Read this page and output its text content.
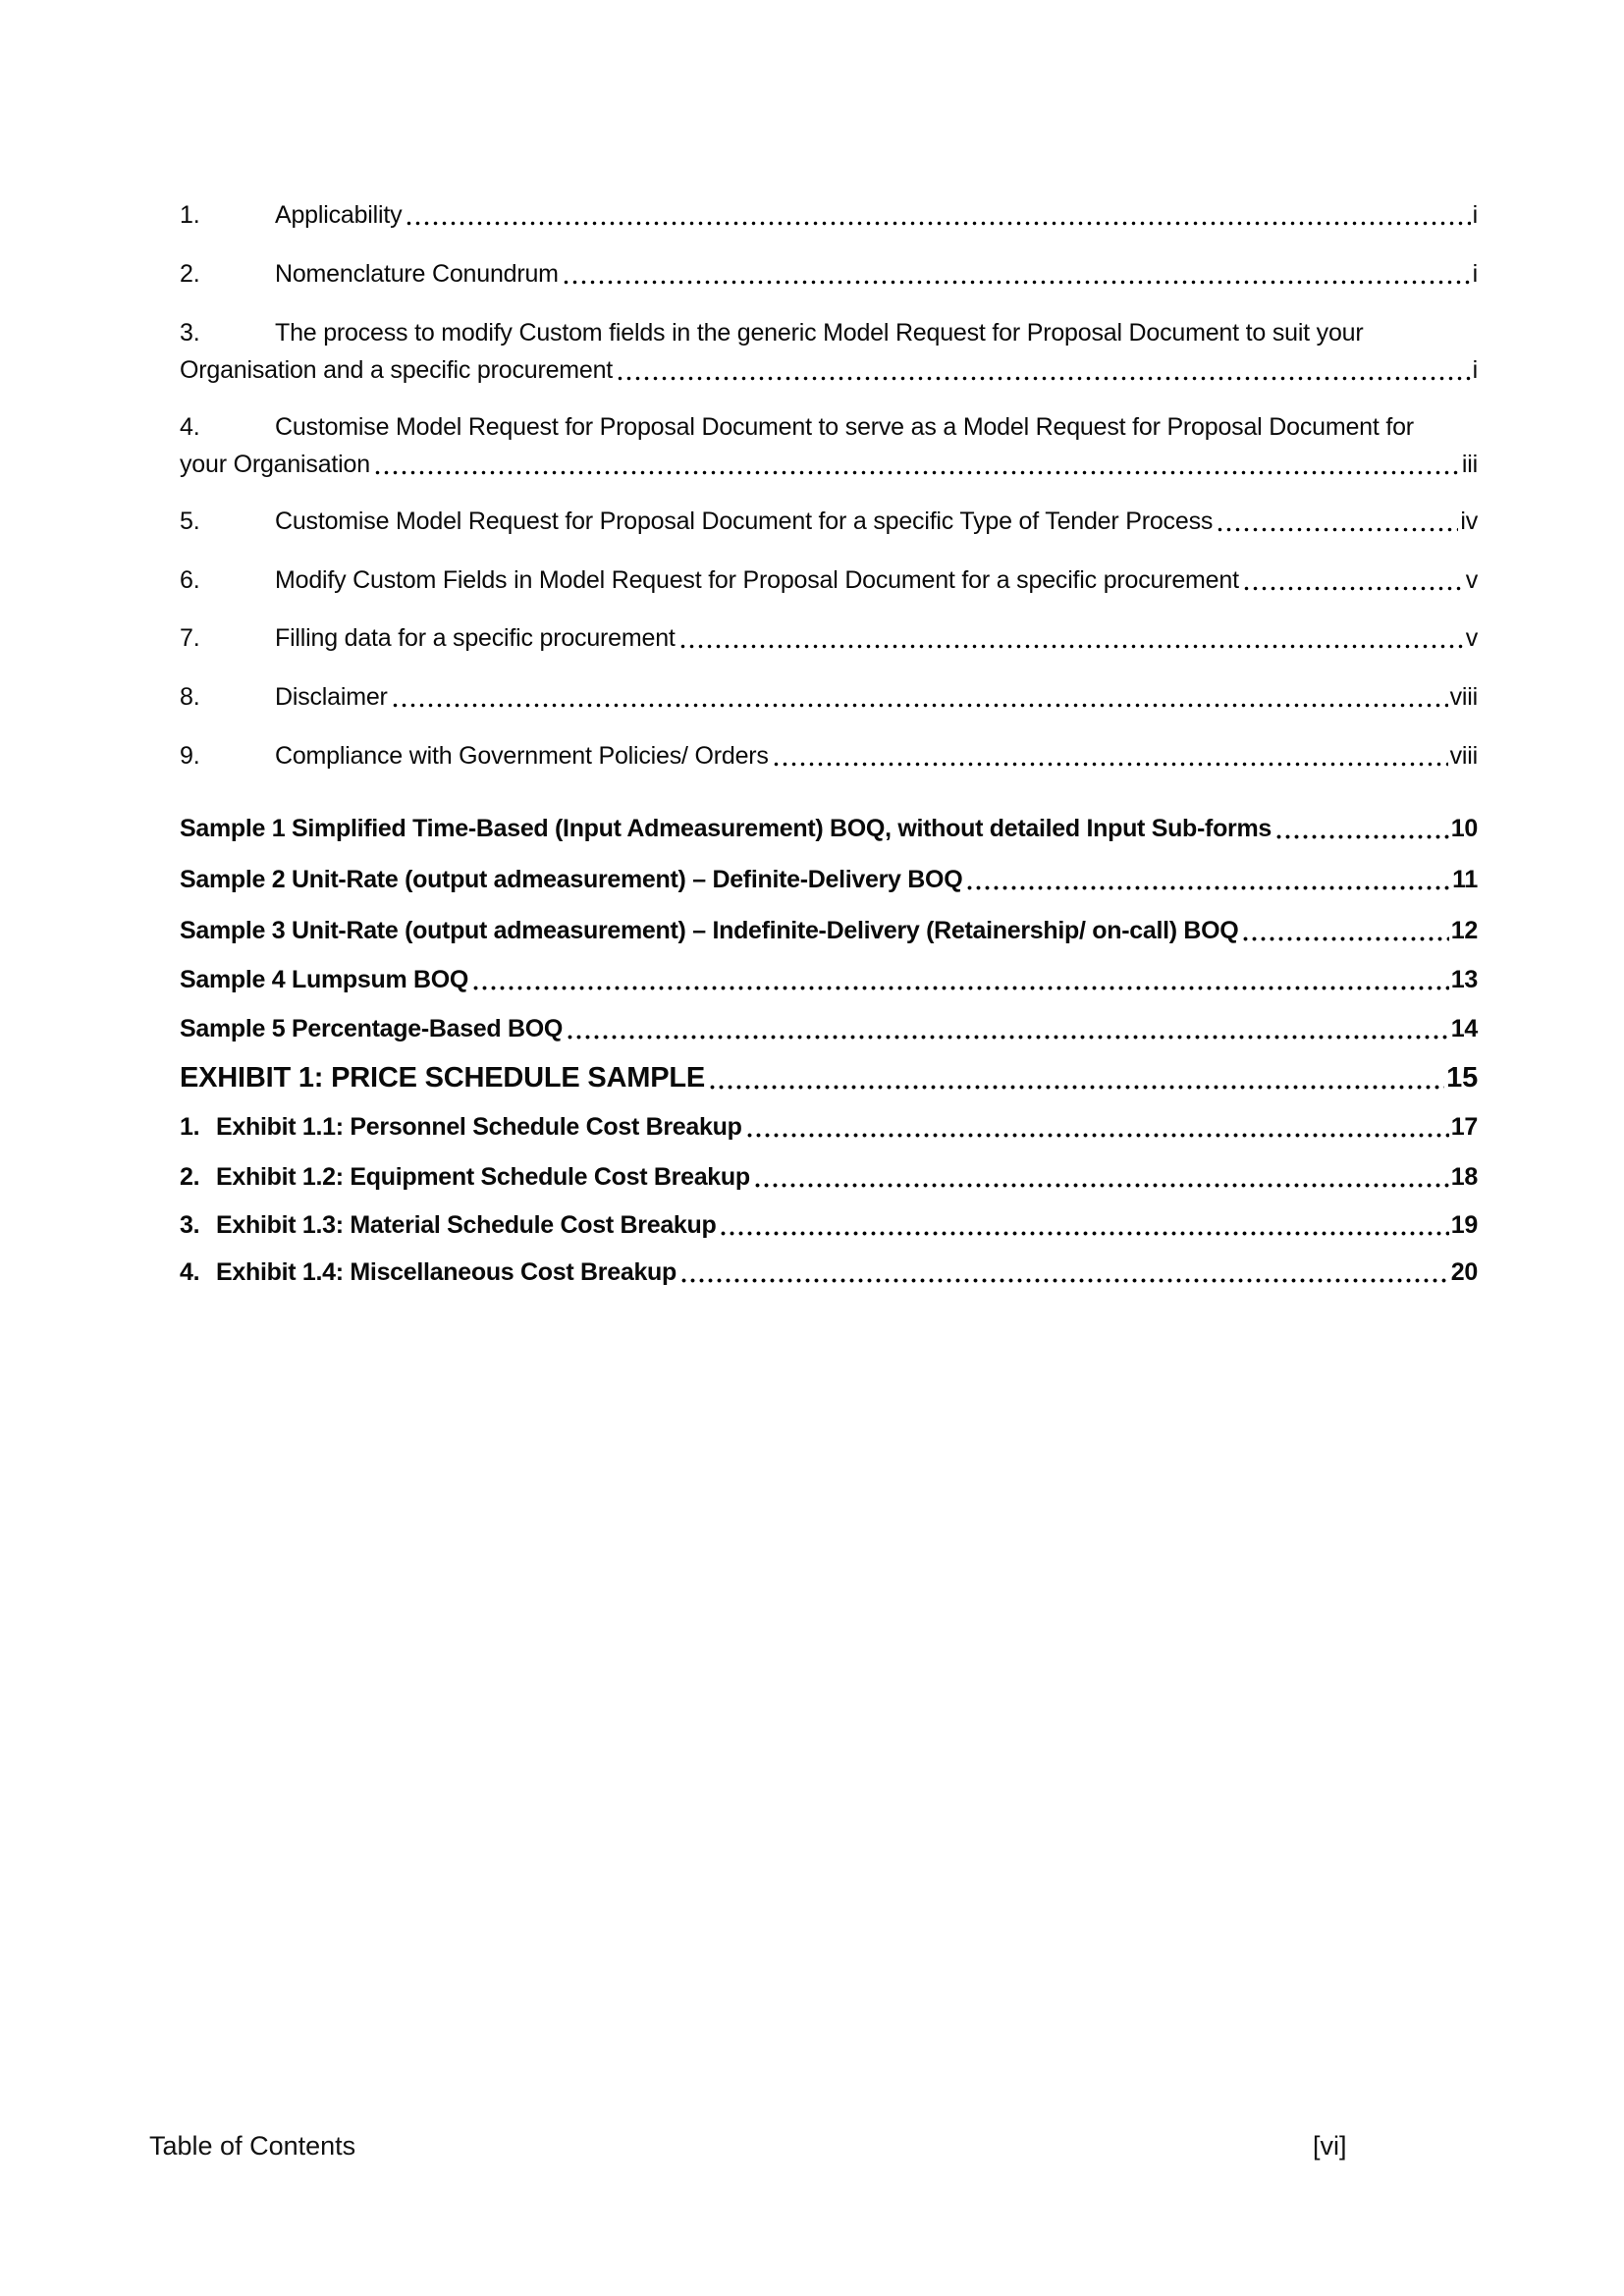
1.	Applicability	i
2.	Nomenclature Conundrum	i
3.	The process to modify Custom fields in the generic Model Request for Proposal Document to suit your
Organisation and a specific procurement	i
4.	Customise Model Request for Proposal Document to serve as a Model Request for Proposal Document for
your Organisation	iii
5.	Customise Model Request for Proposal Document for a specific Type of Tender Process	iv
6.	Modify Custom Fields in Model Request for Proposal Document for a specific procurement	v
7.	Filling data for a specific procurement	v
8.	Disclaimer	viii
9.	Compliance with Government Policies/ Orders	viii
Sample 1 Simplified Time-Based (Input Admeasurement) BOQ, without detailed Input Sub-forms	10
Sample 2 Unit-Rate (output admeasurement) – Definite-Delivery BOQ	11
Sample 3 Unit-Rate (output admeasurement) – Indefinite-Delivery (Retainership/ on-call) BOQ	12
Sample 4 Lumpsum BOQ	13
Sample 5 Percentage-Based BOQ	14
EXHIBIT 1: PRICE SCHEDULE SAMPLE	15
1. Exhibit 1.1: Personnel Schedule Cost Breakup	17
2. Exhibit 1.2: Equipment Schedule Cost Breakup	18
3. Exhibit 1.3: Material Schedule Cost Breakup	19
4. Exhibit 1.4: Miscellaneous Cost Breakup	20
Table of Contents	[vi]
